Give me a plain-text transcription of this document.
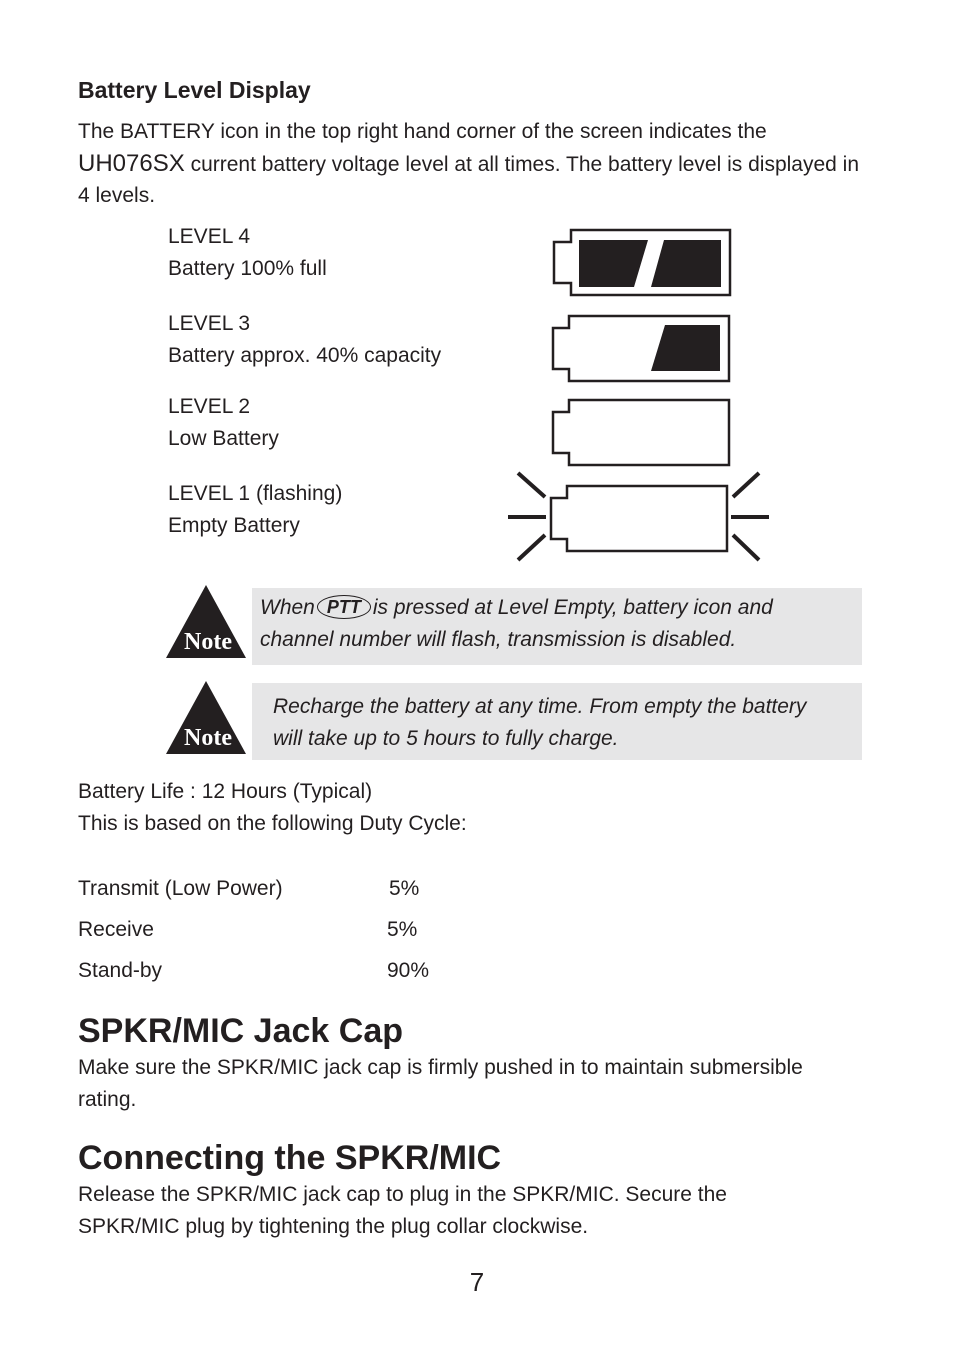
Battery Level Display
The BATTERY icon in the top right hand corner of the screen indicates the
UH076SX current battery voltage level at all times. The battery level is displayed in
4 levels.
LEVEL 4
Battery 100% full
LEVEL 3
Battery approx. 40% capacity
LEVEL 2
Low Battery
LEVEL 1 (flashing)
Empty Battery
Note
When PTT is pressed at Level Empty, battery icon and
channel number will flash, transmission is disabled.
Note
Recharge the battery at any time. From empty the battery
will take up to 5 hours to fully charge.
Battery Life : 12 Hours (Typical)
This is based on the following Duty Cycle:
Transmit (Low Power)	5%
Receive	5%
Stand-by	90%
SPKR/MIC Jack Cap
Make sure the SPKR/MIC jack cap is firmly pushed in to maintain submersible
rating.
Connecting the SPKR/MIC
Release the SPKR/MIC jack cap to plug in the SPKR/MIC. Secure the
SPKR/MIC plug by tightening the plug collar clockwise.
7
